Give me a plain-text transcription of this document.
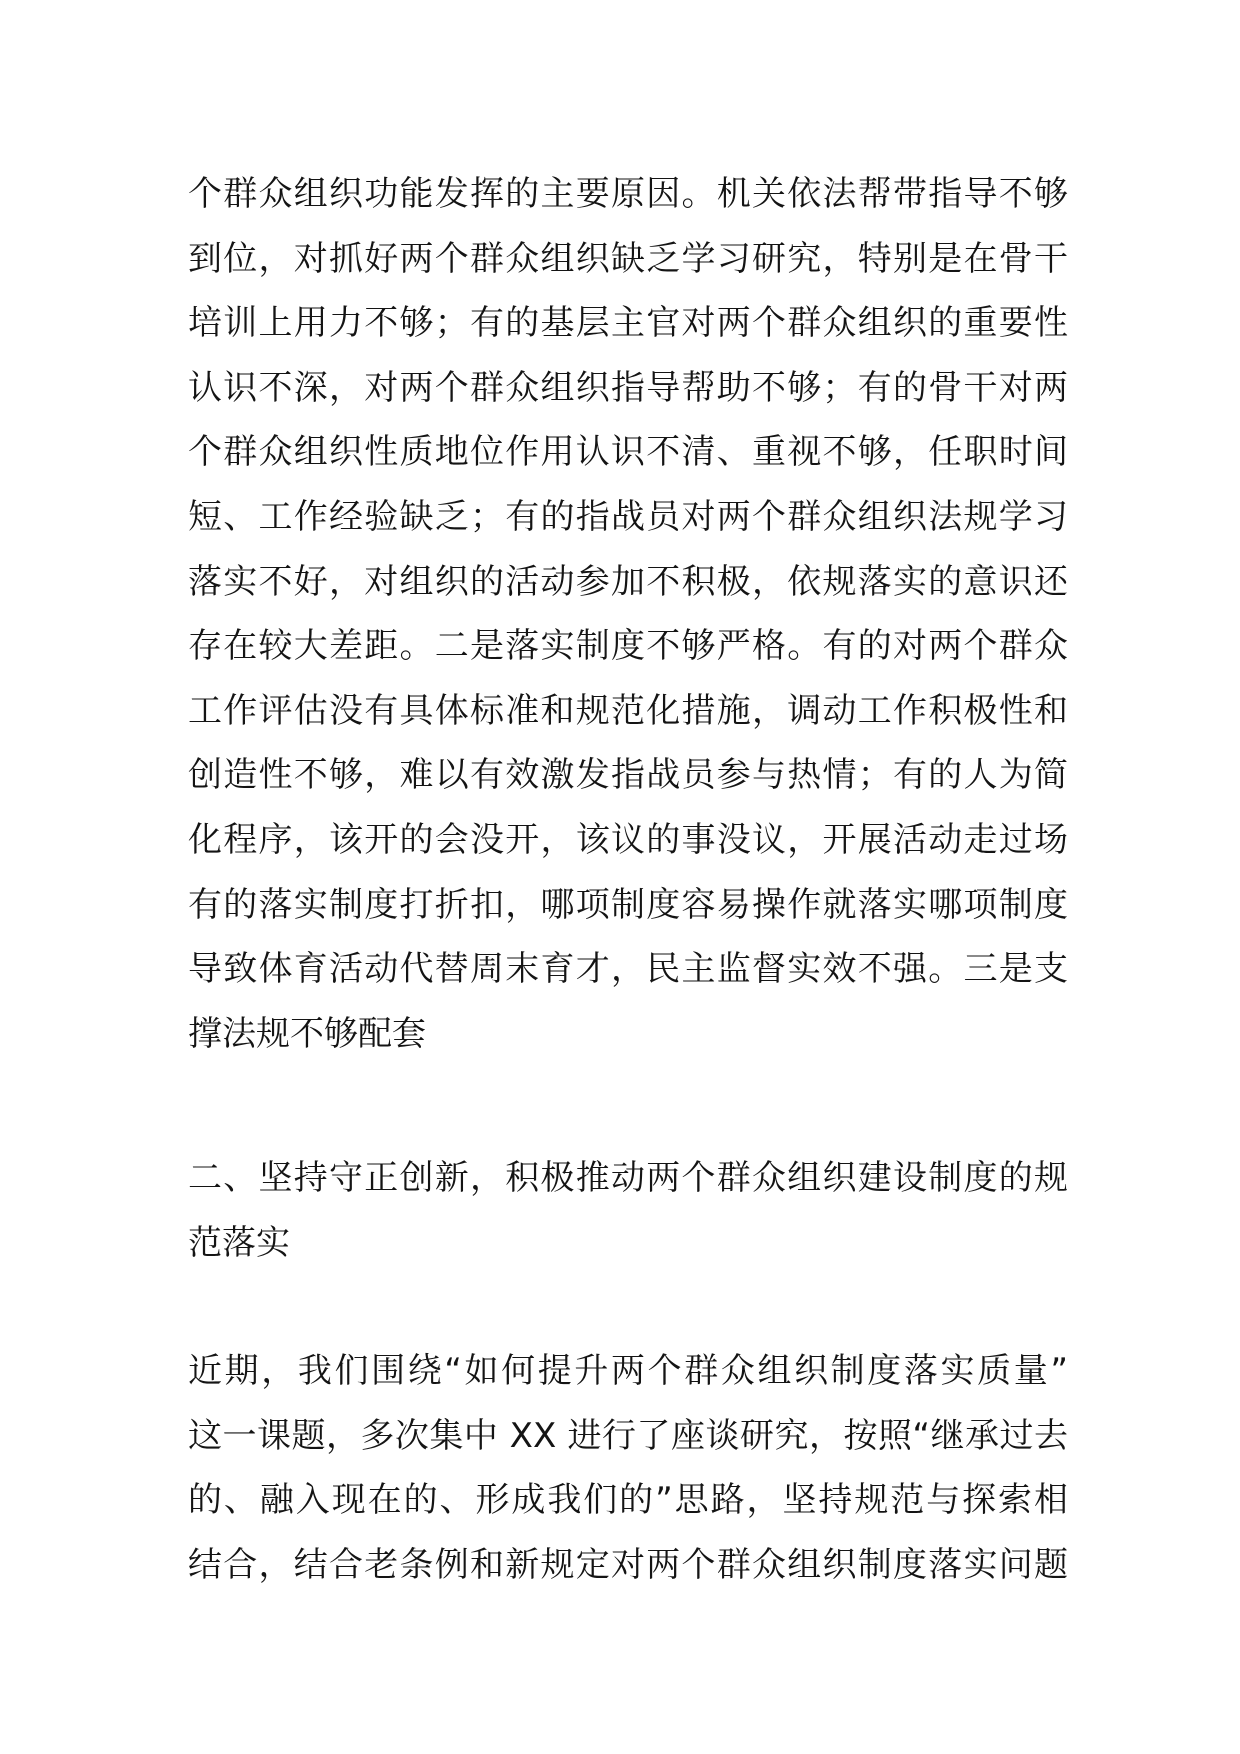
个群众组织功能发挥的主要原因。机关依法帮带指导不够
到位，对抓好两个群众组织缺乏学习研究，特别是在骨干
培训上用力不够；有的基层主官对两个群众组织的重要性
认识不深，对两个群众组织指导帮助不够；有的骨干对两
个群众组织性质地位作用认识不清、重视不够，任职时间
短、工作经验缺乏；有的指战员对两个群众组织法规学习
落实不好，对组织的活动参加不积极，依规落实的意识还
存在较大差距。二是落实制度不够严格。有的对两个群众
工作评估没有具体标准和规范化措施，调动工作积极性和
创造性不够，难以有效激发指战员参与热情；有的人为简
化程序，该开的会没开，该议的事没议，开展活动走过场
有的落实制度打折扣，哪项制度容易操作就落实哪项制度
导致体育活动代替周末育才，民主监督实效不强。三是支
撑法规不够配套
二、坚持守正创新，积极推动两个群众组织建设制度的规
范落实
近期，我们围绕“如何提升两个群众组织制度落实质量”
这一课题，多次集中 XX 进行了座谈研究，按照“继承过去
的、融入现在的、形成我们的”思路，坚持规范与探索相
结合，结合老条例和新规定对两个群众组织制度落实问题
